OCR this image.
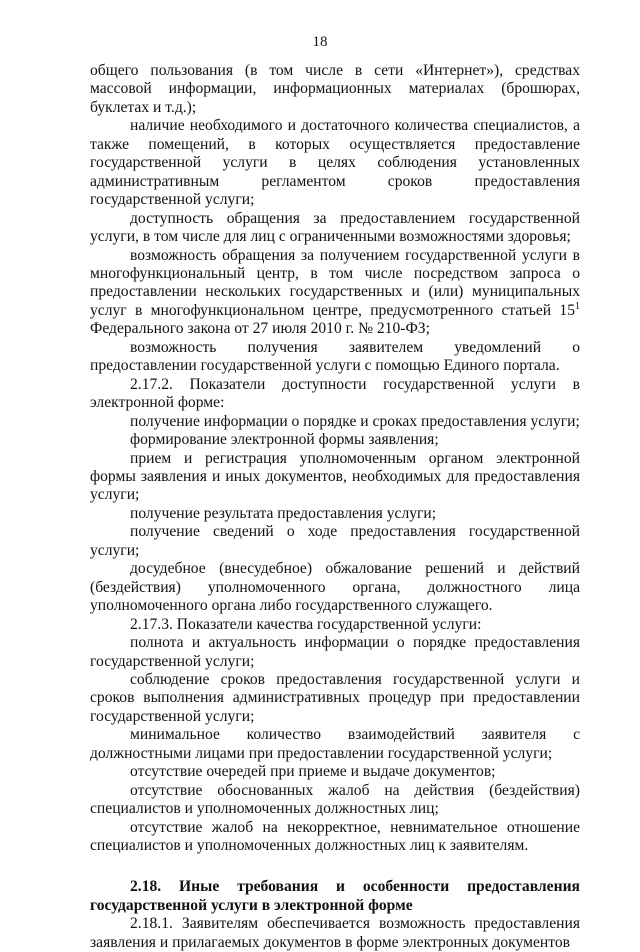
18

общего пользования (в том числе в сети «Интернет»), средствах массовой информации, информационных материалах (брошюрах, буклетах и т.д.);

наличие необходимого и достаточного количества специалистов, а также помещений, в которых осуществляется предоставление государственной услуги в целях соблюдения установленных административным регламентом сроков предоставления государственной услуги;

доступность обращения за предоставлением государственной услуги, в том числе для лиц с ограниченными возможностями здоровья;

возможность обращения за получением государственной услуги в многофункциональный центр, в том числе посредством запроса о предоставлении нескольких государственных и (или) муниципальных услуг в многофункциональном центре, предусмотренного статьей $15^1$ Федерального закона от 27 июля 2010 г. № 210-ФЗ;

возможность получения заявителем уведомлений о предоставлении государственной услуги с помощью Единого портала.

2.17.2. Показатели доступности государственной услуги в электронной форме:

получение информации о порядке и сроках предоставления услуги;

формирование электронной формы заявления;

прием и регистрация уполномоченным органом электронной формы заявления и иных документов, необходимых для предоставления услуги;

получение результата предоставления услуги;

получение сведений о ходе предоставления государственной услуги;

досудебное (внесудебное) обжалование решений и действий (бездействия) уполномоченного органа, должностного лица уполномоченного органа либо государственного служащего.

2.17.3. Показатели качества государственной услуги:

полнота и актуальность информации о порядке предоставления государственной услуги;

соблюдение сроков предоставления государственной услуги и сроков выполнения административных процедур при предоставлении государственной услуги;

минимальное количество взаимодействий заявителя с должностными лицами при предоставлении государственной услуги;

отсутствие очередей при приеме и выдаче документов;

отсутствие обоснованных жалоб на действия (бездействия) специалистов и уполномоченных должностных лиц;

отсутствие жалоб на некорректное, невнимательное отношение специалистов и уполномоченных должностных лиц к заявителям.

2.18. Иные требования и особенности предоставления государственной услуги в электронной форме

2.18.1. Заявителям обеспечивается возможность предоставления заявления и прилагаемых документов в форме электронных документов
